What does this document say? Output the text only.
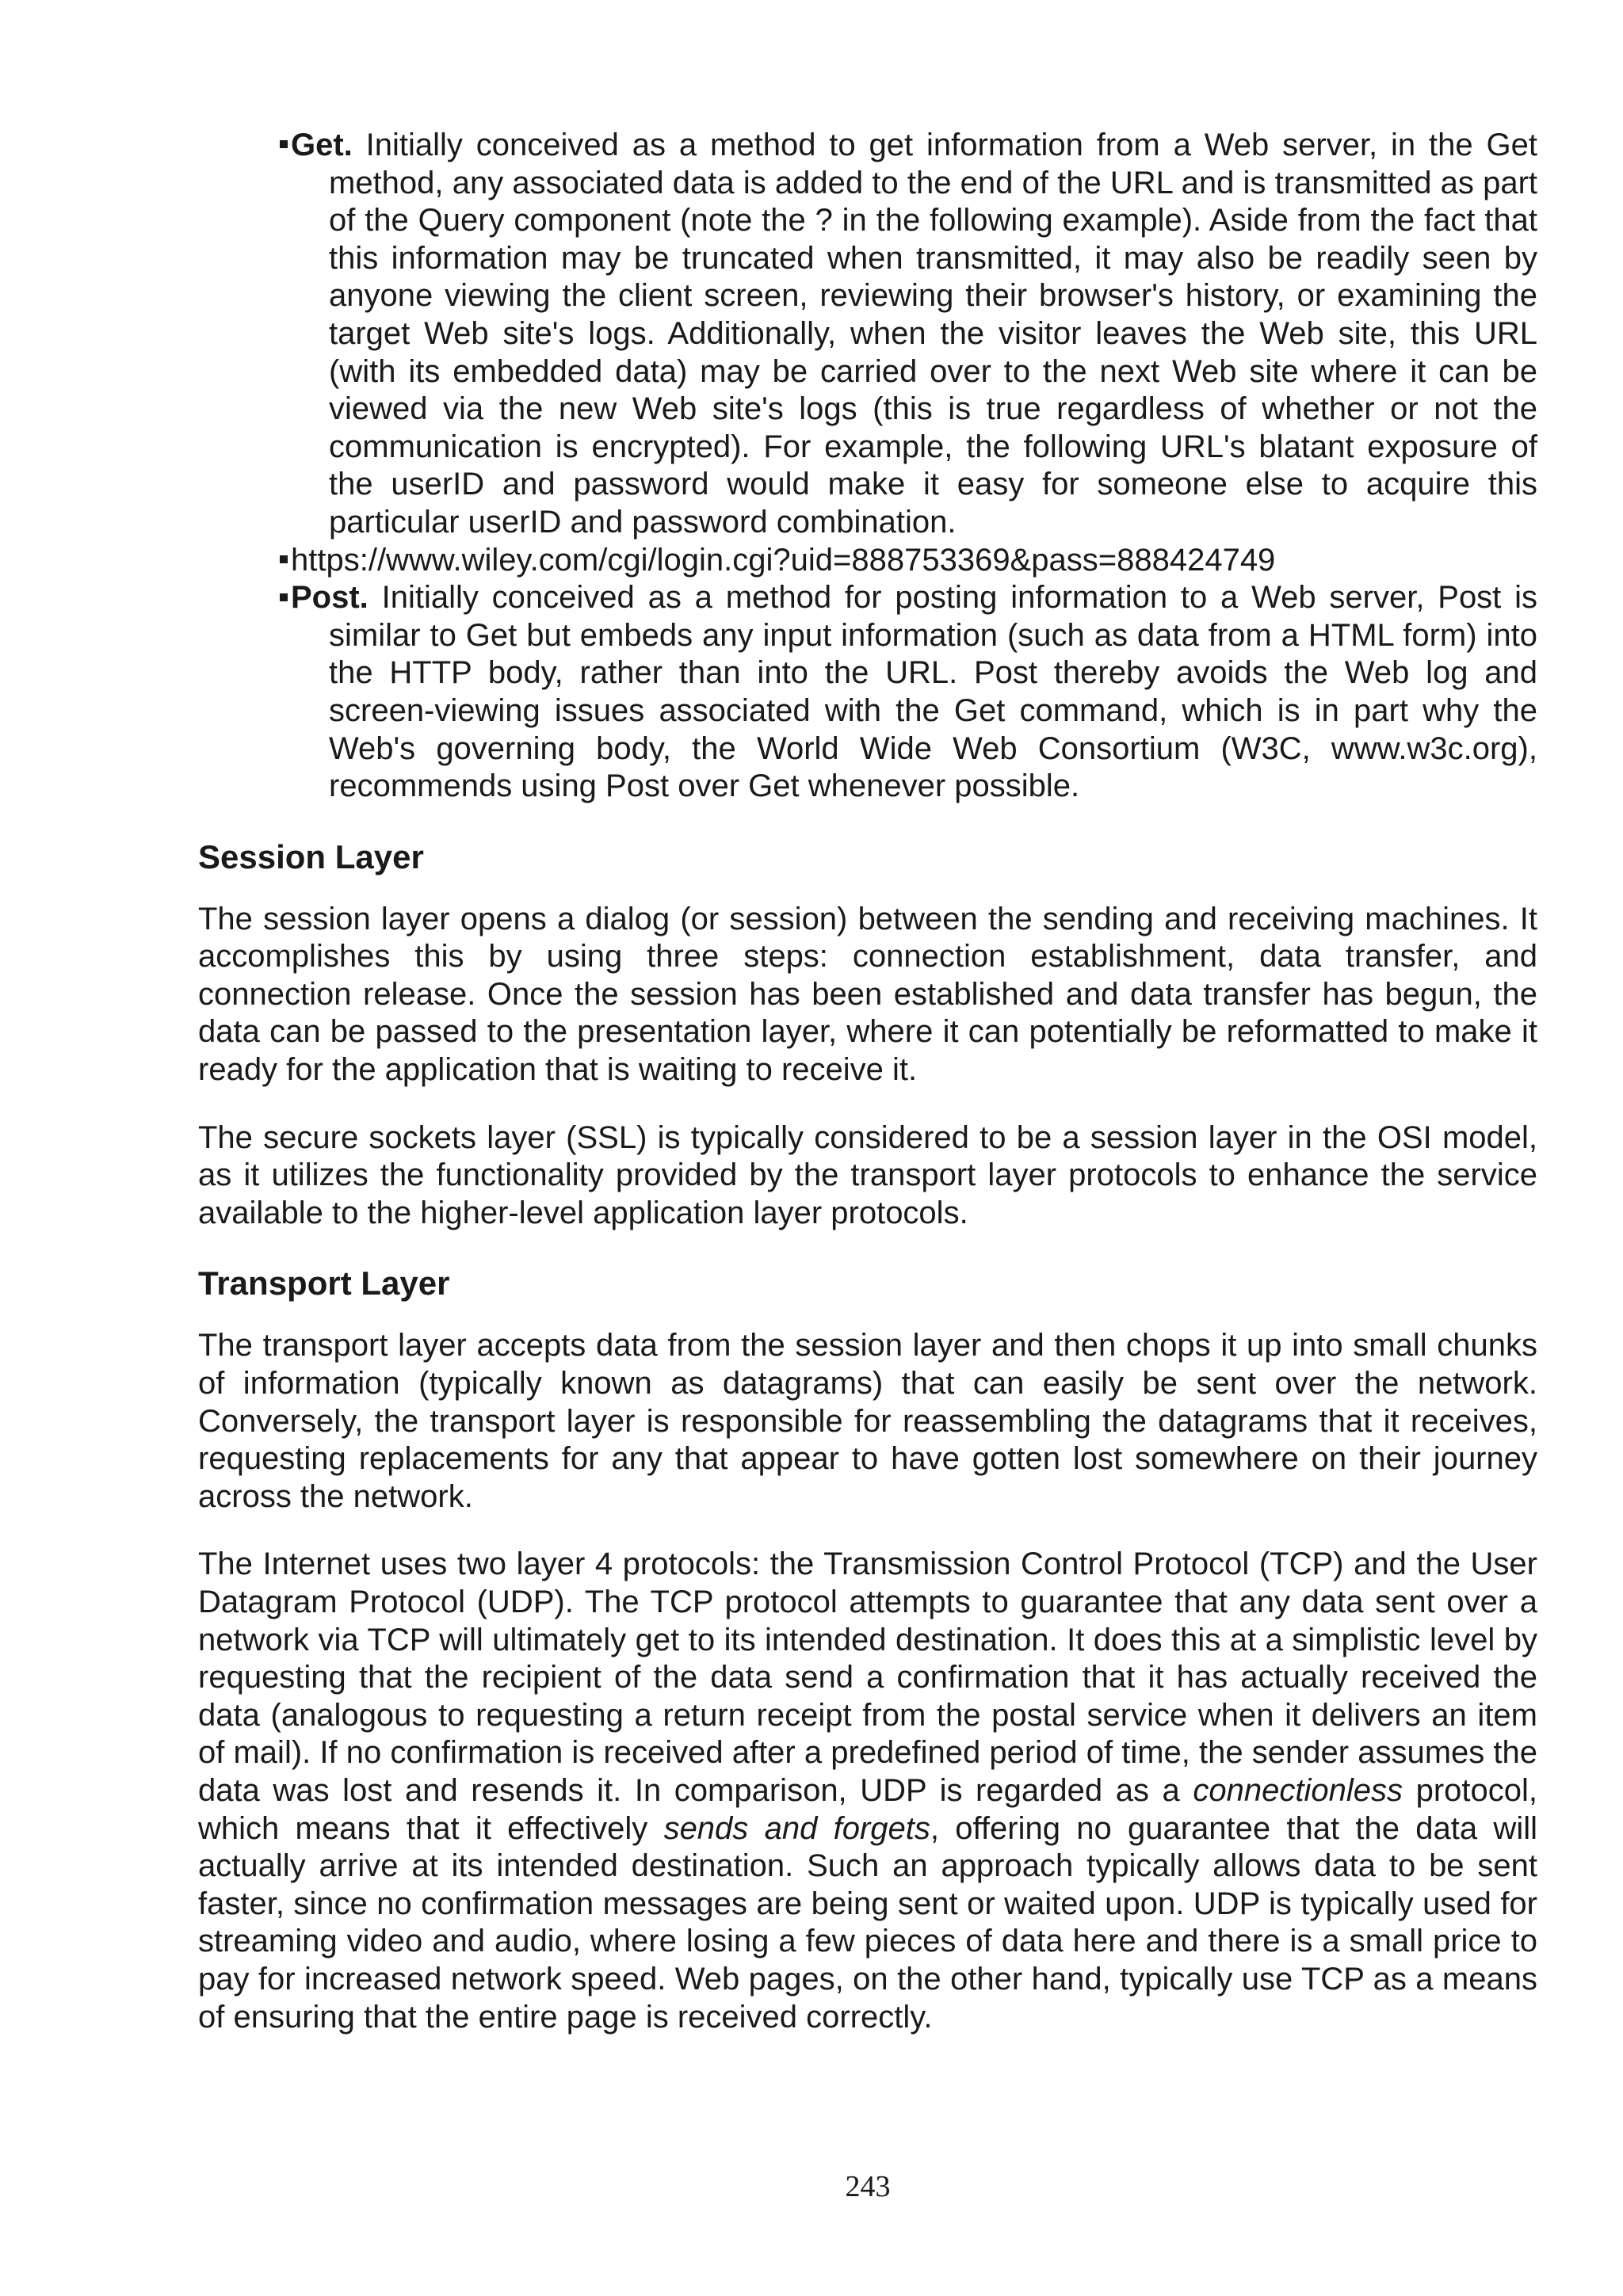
Get. Initially conceived as a method to get information from a Web server, in the Get method, any associated data is added to the end of the URL and is transmitted as part of the Query component (note the ? in the following example). Aside from the fact that this information may be truncated when transmitted, it may also be readily seen by anyone viewing the client screen, reviewing their browser's history, or examining the target Web site's logs. Additionally, when the visitor leaves the Web site, this URL (with its embedded data) may be carried over to the next Web site where it can be viewed via the new Web site's logs (this is true regardless of whether or not the communication is encrypted). For example, the following URL's blatant exposure of the userID and password would make it easy for someone else to acquire this particular userID and password combination.

https://www.wiley.com/cgi/login.cgi?uid=888753369&pass=888424749

Post. Initially conceived as a method for posting information to a Web server, Post is similar to Get but embeds any input information (such as data from a HTML form) into the HTTP body, rather than into the URL. Post thereby avoids the Web log and screen-viewing issues associated with the Get command, which is in part why the Web's governing body, the World Wide Web Consortium (W3C, www.w3c.org), recommends using Post over Get whenever possible.

Session Layer

The session layer opens a dialog (or session) between the sending and receiving machines. It accomplishes this by using three steps: connection establishment, data transfer, and connection release. Once the session has been established and data transfer has begun, the data can be passed to the presentation layer, where it can potentially be reformatted to make it ready for the application that is waiting to receive it.

The secure sockets layer (SSL) is typically considered to be a session layer in the OSI model, as it utilizes the functionality provided by the transport layer protocols to enhance the service available to the higher-level application layer protocols.

Transport Layer

The transport layer accepts data from the session layer and then chops it up into small chunks of information (typically known as datagrams) that can easily be sent over the network. Conversely, the transport layer is responsible for reassembling the datagrams that it receives, requesting replacements for any that appear to have gotten lost somewhere on their journey across the network.

The Internet uses two layer 4 protocols: the Transmission Control Protocol (TCP) and the User Datagram Protocol (UDP). The TCP protocol attempts to guarantee that any data sent over a network via TCP will ultimately get to its intended destination. It does this at a simplistic level by requesting that the recipient of the data send a confirmation that it has actually received the data (analogous to requesting a return receipt from the postal service when it delivers an item of mail). If no confirmation is received after a predefined period of time, the sender assumes the data was lost and resends it. In comparison, UDP is regarded as a connectionless protocol, which means that it effectively sends and forgets, offering no guarantee that the data will actually arrive at its intended destination. Such an approach typically allows data to be sent faster, since no confirmation messages are being sent or waited upon. UDP is typically used for streaming video and audio, where losing a few pieces of data here and there is a small price to pay for increased network speed. Web pages, on the other hand, typically use TCP as a means of ensuring that the entire page is received correctly.

243
